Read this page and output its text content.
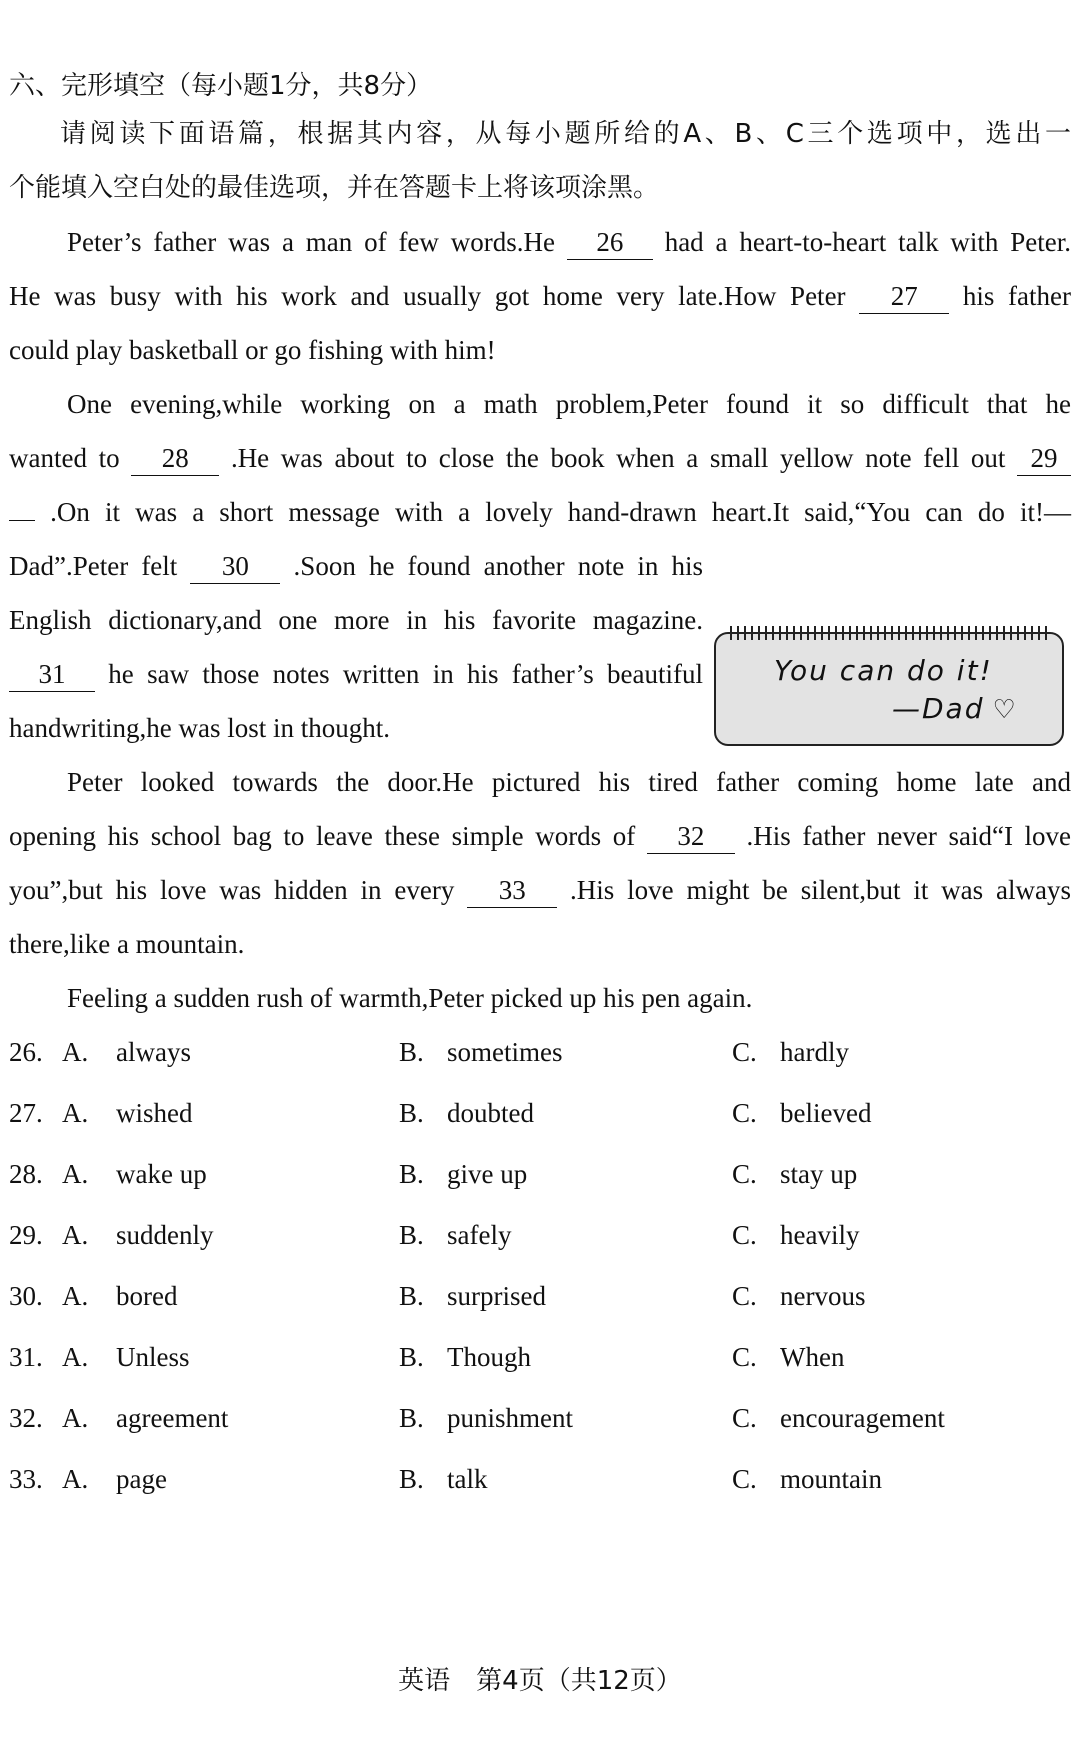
六、完形填空（每小题1分，共8分）
请阅读下面语篇，根据其内容，从每小题所给的A、B、C三个选项中，选出一
个能填入空白处的最佳选项，并在答题卡上将该项涂黑。
Peter’s father was a man of few words.He 26 had a heart-to-heart talk with Peter.
He was busy with his work and usually got home very late.How Peter 27 his father
could play basketball or go fishing with him!
One evening,while working on a math problem,Peter found it so difficult that he
wanted to 28 .He was about to close the book when a small yellow note fell out 29
.On it was a short message with a lovely hand-drawn heart.It said,“You can do it!—
Dad”.Peter felt 30 .Soon he found another note in his
English dictionary,and one more in his favorite magazine.
31 he saw those notes written in his father’s beautiful
handwriting,he was lost in thought.
You can do it!
—Dad ♡
Peter looked towards the door.He pictured his tired father coming home late and
opening his school bag to leave these simple words of 32 .His father never said“I love
you”,but his love was hidden in every 33 .His love might be silent,but it was always
there,like a mountain.
Feeling a sudden rush of warmth,Peter picked up his pen again.
26. A. always	B. sometimes	C. hardly
27. A. wished	B. doubted	C. believed
28. A. wake up	B. give up	C. stay up
29. A. suddenly	B. safely	C. heavily
30. A. bored	B. surprised	C. nervous
31. A. Unless	B. Though	C. When
32. A. agreement	B. punishment	C. encouragement
33. A. page	B. talk	C. mountain
英语　第4页（共12页）
